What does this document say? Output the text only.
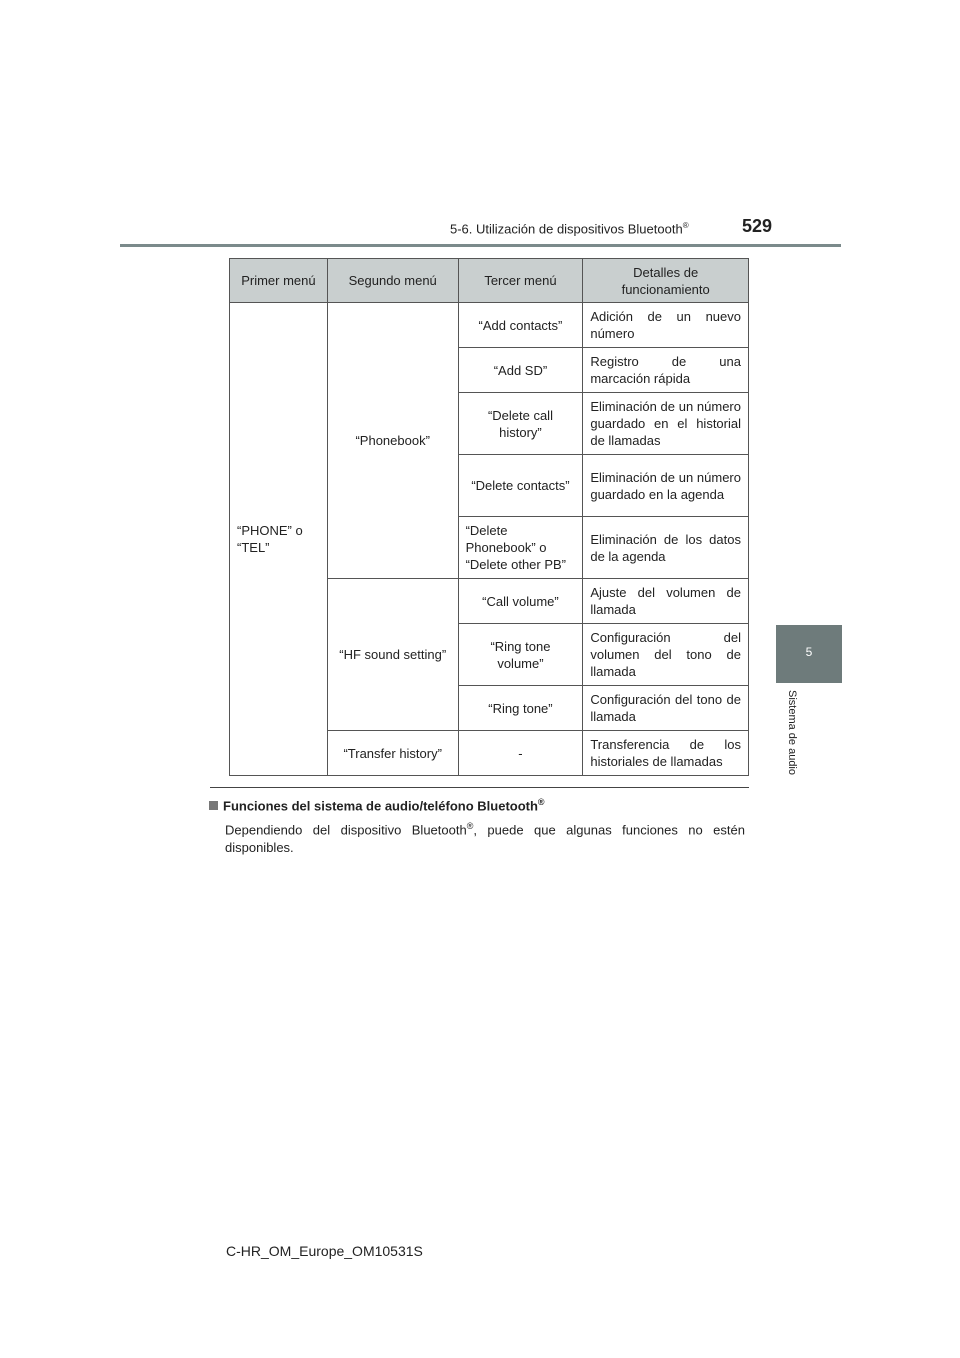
5-6. Utilización de dispositivos Bluetooth®	529
5
Sistema de audio
Primer menú	Segundo menú	Tercer menú	Detalles de funcionamiento
“PHONE” o “TEL”	“Phonebook”	“Add contacts”	Adición de un nuevo número
		“Add SD”	Registro de una marcación rápida
		“Delete call history”	Eliminación de un número guardado en el historial de llamadas
		“Delete contacts”	Eliminación de un número guardado en la agenda
		“Delete Phonebook” o “Delete other PB”	Eliminación de los datos de la agenda
	“HF sound setting”	“Call volume”	Ajuste del volumen de llamada
		“Ring tone volume”	Configuración del volumen del tono de llamada
		“Ring tone”	Configuración del tono de llamada
	“Transfer history”	-	Transferencia de los historiales de llamadas
Funciones del sistema de audio/teléfono Bluetooth®
Dependiendo del dispositivo Bluetooth®, puede que algunas funciones no estén disponibles.
C-HR_OM_Europe_OM10531S
